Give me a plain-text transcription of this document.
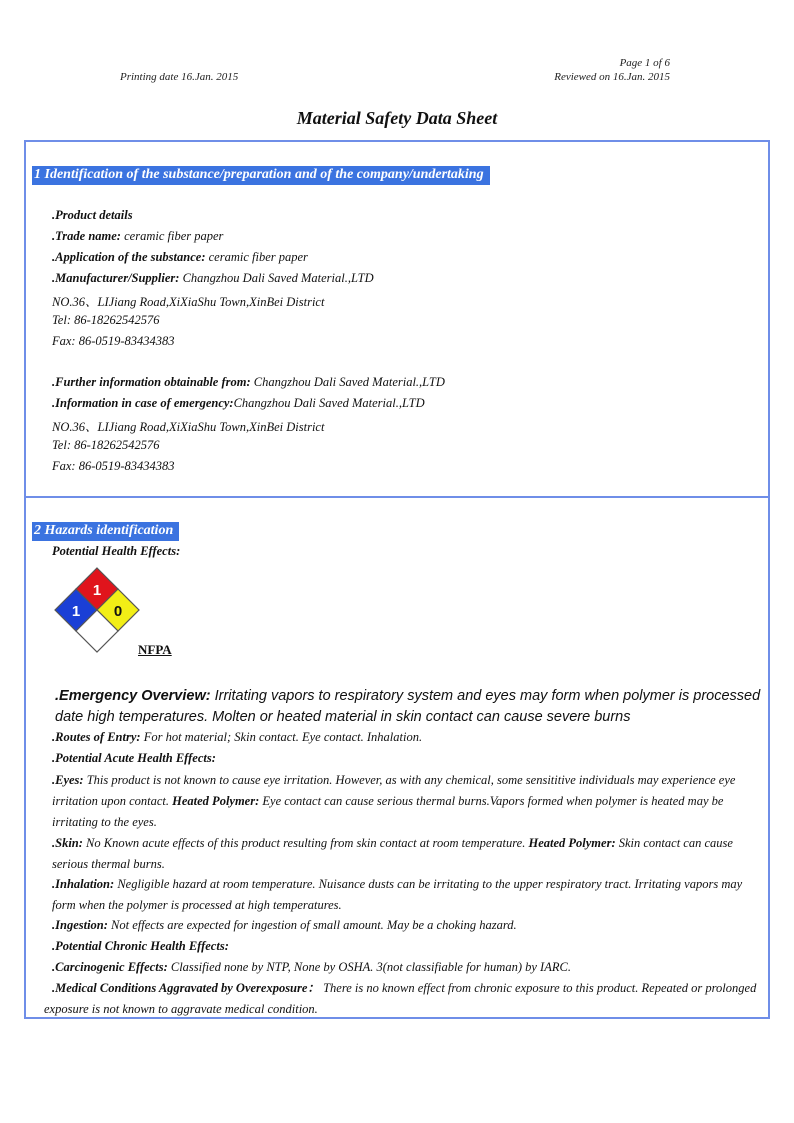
Page 1 of 6
Printing date 16.Jan. 2015	Reviewed on 16.Jan. 2015
Material Safety Data Sheet
1 Identification of the substance/preparation and of the company/undertaking
.Product details
.Trade name: ceramic fiber paper
.Application of the substance: ceramic fiber paper
.Manufacturer/Supplier: Changzhou Dali Saved Material.,LTD
NO.36、LIJiang Road,XiXiaShu Town,XinBei District
Tel: 86-18262542576
Fax: 86-0519-83434383
.Further information obtainable from: Changzhou Dali Saved Material.,LTD
.Information in case of emergency:Changzhou Dali Saved Material.,LTD
NO.36、LIJiang Road,XiXiaShu Town,XinBei District
Tel: 86-18262542576
Fax: 86-0519-83434383
2 Hazards identification
Potential Health Effects:
1
1 0
NFPA
.Emergency Overview: Irritating vapors to respiratory system and eyes may form when polymer is processed date high temperatures. Molten or heated material in skin contact can cause severe burns
.Routes of Entry: For hot material; Skin contact. Eye contact. Inhalation.
.Potential Acute Health Effects:
.Eyes: This product is not known to cause eye irritation. However, as with any chemical, some sensititive individuals may experience eye irritation upon contact. Heated Polymer: Eye contact can cause serious thermal burns.Vapors formed when polymer is heated may be irritating to the eyes.
.Skin: No Known acute effects of this product resulting from skin contact at room temperature. Heated Polymer: Skin contact can cause serious thermal burns.
.Inhalation: Negligible hazard at room temperature. Nuisance dusts can be irritating to the upper respiratory tract. Irritating vapors may form when the polymer is processed at high temperatures.
.Ingestion: Not effects are expected for ingestion of small amount. May be a choking hazard.
.Potential Chronic Health Effects:
.Carcinogenic Effects: Classified none by NTP, None by OSHA. 3(not classifiable for human) by IARC.
.Medical Conditions Aggravated by Overexposure： There is no known effect from chronic exposure to this product. Repeated or prolonged exposure is not known to aggravate medical condition.
